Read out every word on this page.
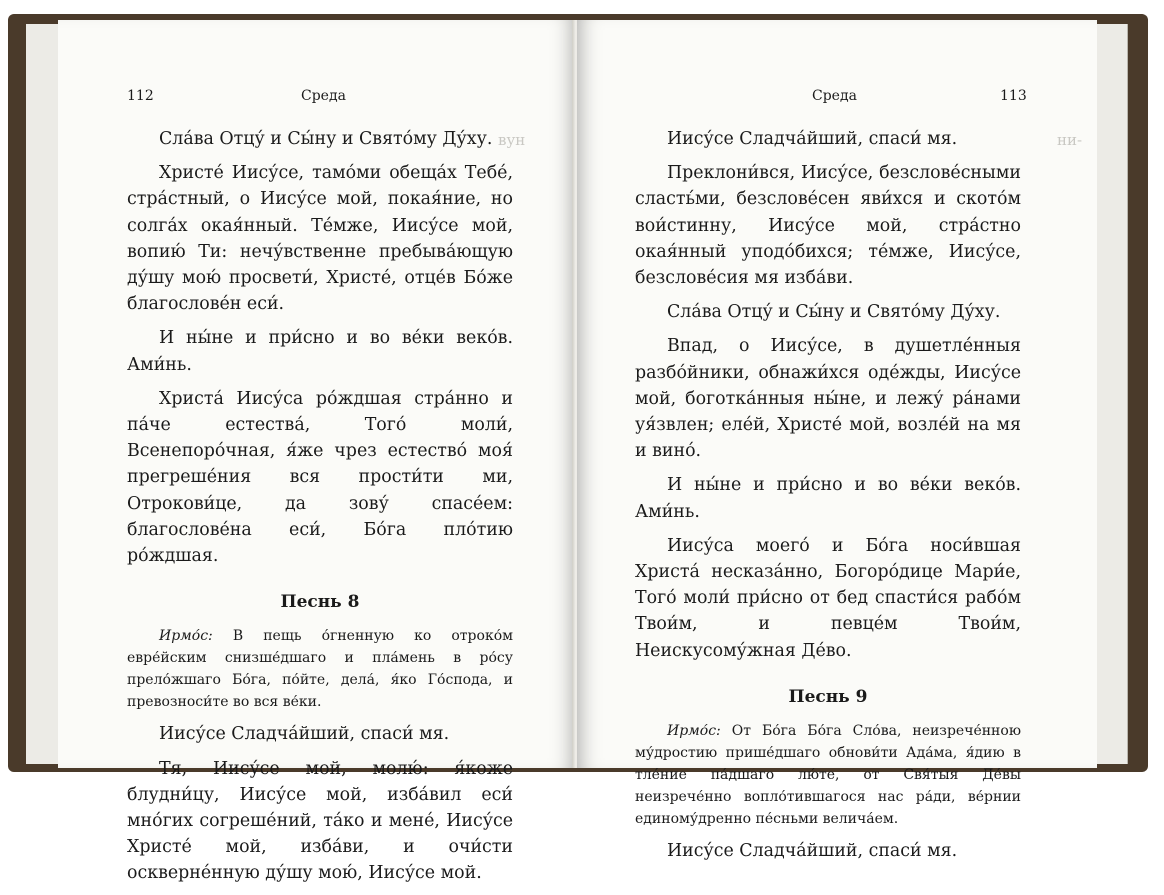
вун
112	Среда

Сла́ва Отцу́ и Сы́ну и Свято́му Ду́ху.

Христе́ Иису́се, тамо́ми обеща́х Тебе́, стра́стный, о Иису́се мой, покая́ние, но солга́х окая́нный. Те́мже, Иису́се мой, вопию́ Ти: нечу́вственне пребыва́ющую ду́шу мою́ просвети́, Христе́, отце́в Бо́же благослове́н еси́.

И ны́не и при́сно и во ве́ки веко́в. Ами́нь.

Христа́ Иису́са ро́ждшая стра́нно и па́че естества́, Того́ моли́, Всенепоро́чная, я́же чрез естество́ моя́ прегреше́ния вся прости́ти ми, Отрокови́це, да зову́ спасе́ем: благослове́на еси́, Бо́га пло́тию ро́ждшая.

Песнь 8

Ирмо́с: В пещь о́гненную ко отроко́м евре́йским снизше́дшаго и пла́мень в ро́су прело́жшаго Бо́га, по́йте, дела́, я́ко Го́спода, и превозноси́те во вся ве́ки.

Иису́се Сладча́йший, спаси́ мя.

Тя, Иису́се мой, молю́: я́коже блудни́цу, Иису́се мой, изба́вил еси́ мно́гих согреше́ний, та́ко и мене́, Иису́се Христе́ мой, изба́ви, и очи́сти оскверне́нную ду́шу мою́, Иису́се мой.

ни-
Среда	113

Иису́се Сладча́йший, спаси́ мя.

Преклони́вся, Иису́се, безслове́сными сласть́ми, безслове́сен яви́хся и ското́м вои́стинну, Иису́се мой, стра́стно окая́нный уподо́бихся; те́мже, Иису́се, безслове́сия мя изба́ви.

Сла́ва Отцу́ и Сы́ну и Свято́му Ду́ху.

Впад, о Иису́се, в душетле́нныя разбо́йники, обнажи́хся оде́жды, Иису́се мой, боготка́нныя ны́не, и лежу́ ра́нами уя́звлен; еле́й, Христе́ мой, возле́й на мя и вино́.

И ны́не и при́сно и во ве́ки веко́в. Ами́нь.

Иису́са моего́ и Бо́га носи́вшая Христа́ несказа́нно, Богоро́дице Мари́е, Того́ моли́ при́сно от бед спасти́ся рабо́м Твои́м, и певце́м Твои́м, Неискусому́жная Де́во.

Песнь 9

Ирмо́с: От Бо́га Бо́га Сло́ва, неизрече́нною му́дростию прише́дшаго обнови́ти Ада́ма, я́дию в тле́ние па́дшаго лю́те, от Свя́тыя Де́вы неизрече́нно вопло́тившагося нас ра́ди, ве́рнии единому́дренно пе́сньми велича́ем.

Иису́се Сладча́йший, спаси́ мя.
